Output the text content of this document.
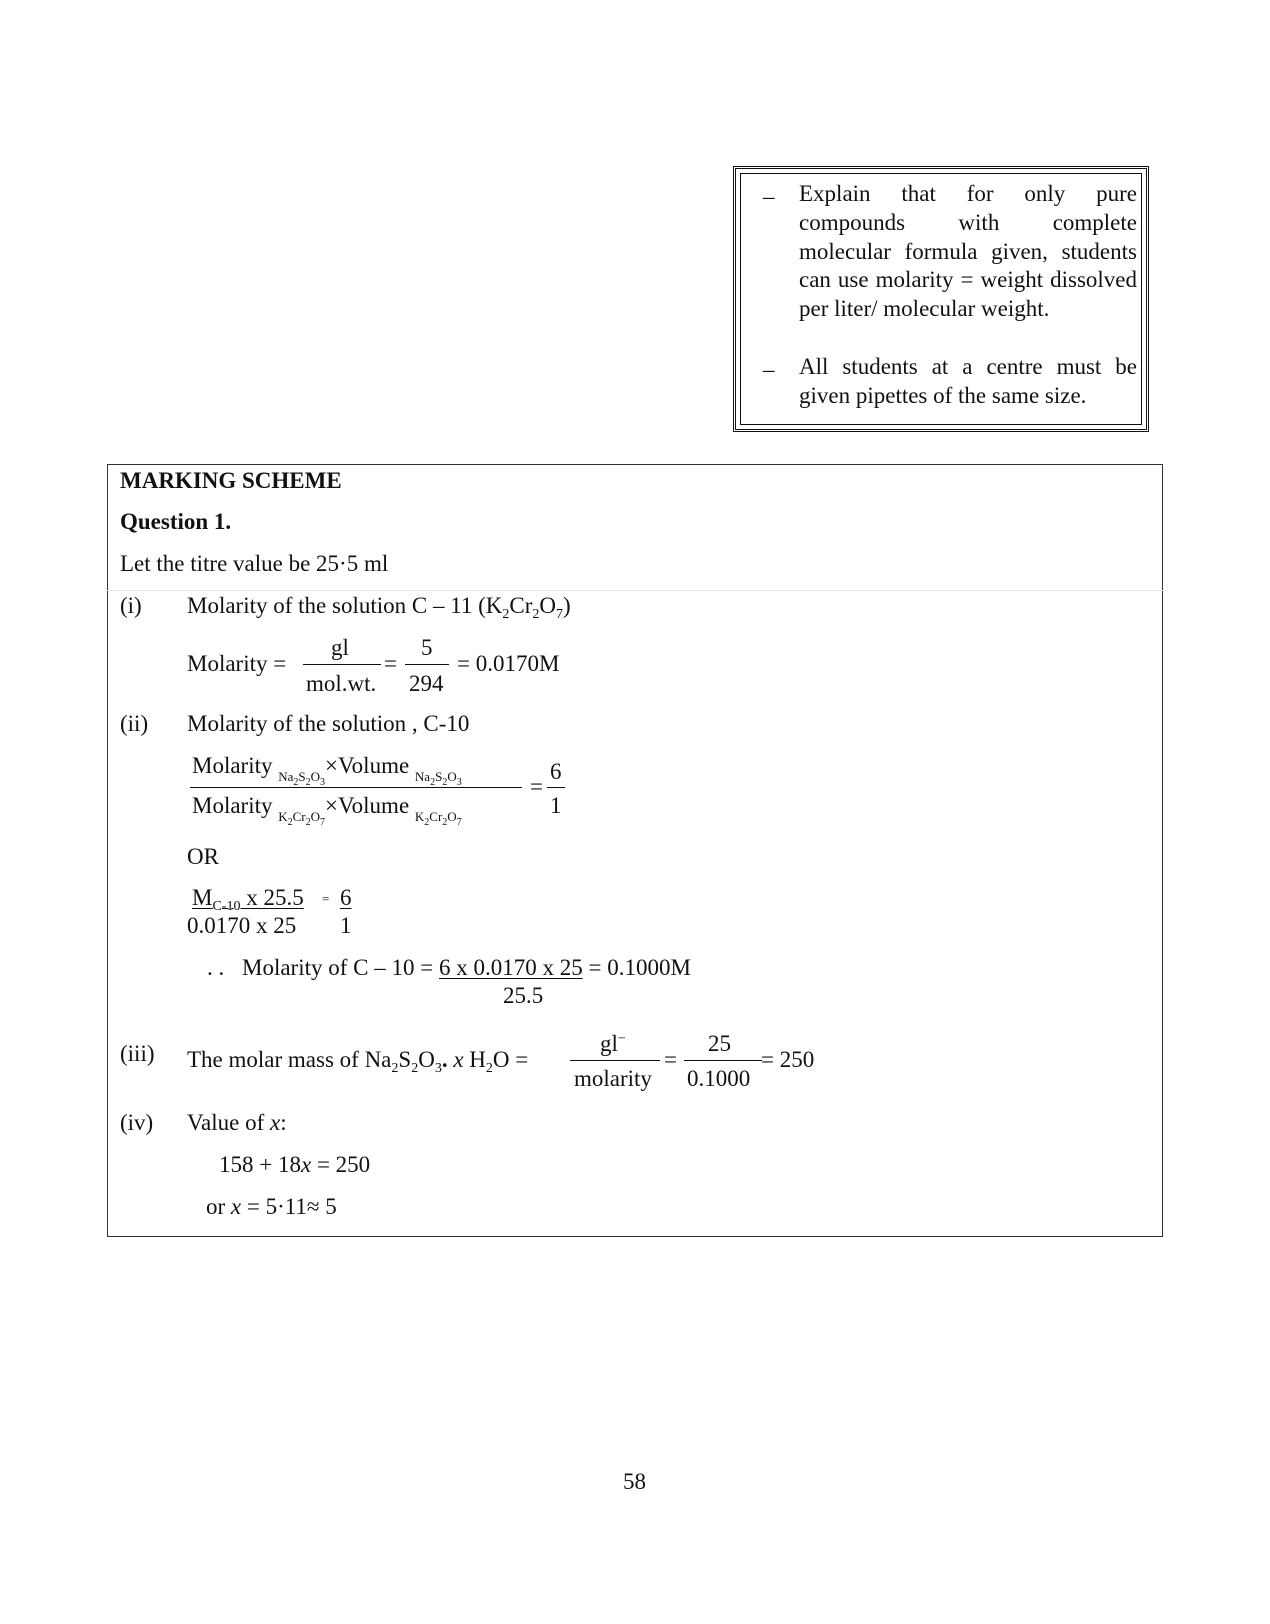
– Explain that for only pure compounds with complete molecular formula given, students can use molarity = weight dissolved per liter/ molecular weight.
– All students at a centre must be given pipettes of the same size.
MARKING SCHEME
Question 1.
Let the titre value be 25·5 ml
(i) Molarity of the solution C – 11 $(K_2Cr_2O_7)$
Molarity =
gl
mol.wt.
=
5
294
= 0.0170M
(ii) Molarity of the solution , C-10
Molarity $_{Na_2S_2O_3}$×Volume $_{Na_2S_2O_3}$
Molarity $_{K_2Cr_2O_7}$×Volume $_{K_2Cr_2O_7}$
=
6
1
OR
$M_{C-10}$ x 25.5 = 6
0.0170 x 25 1
. . Molarity of C – 10 = 6 x 0.0170 x 25 = 0.1000M
25.5
(iii) The molar mass of $Na_2S_2O_3$. x $H_2O$ =
gl−
molarity
=
25
0.1000
= 250
(iv) Value of x:
158 + 18x = 250
or x = 5·11≈ 5
58
